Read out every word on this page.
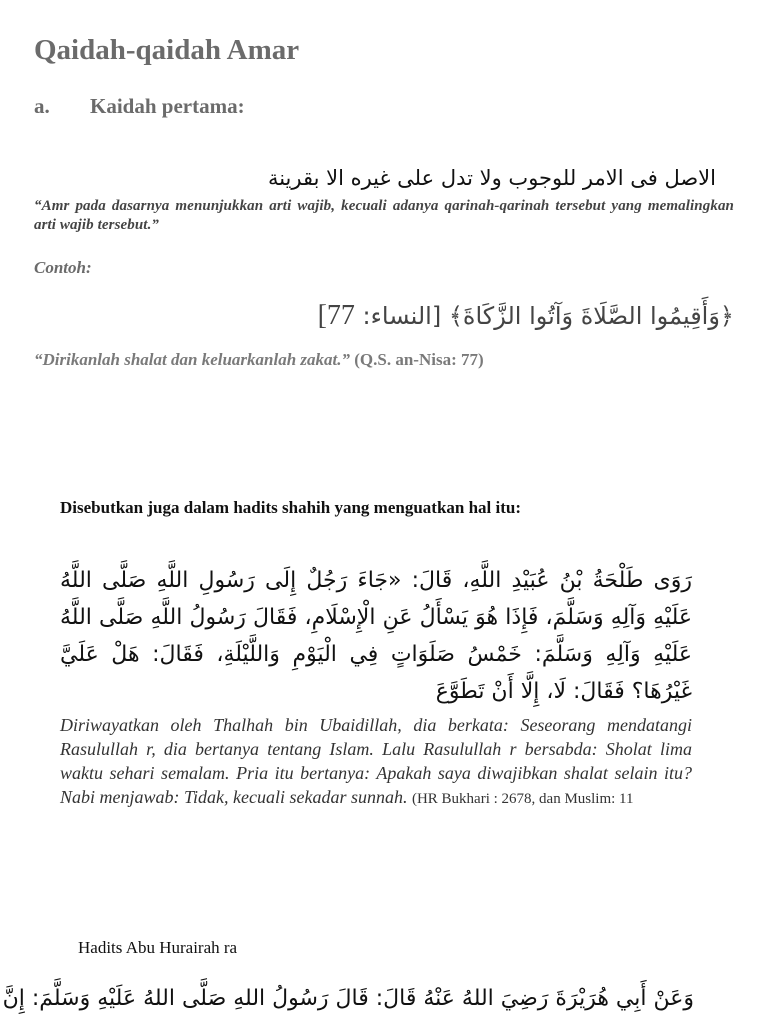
Qaidah-qaidah Amar
a. Kaidah pertama:
الاصل فى الامر للوجوب ولا تدل على غيره الا بقرينة
“Amr pada dasarnya menunjukkan arti wajib, kecuali adanya qarinah-qarinah tersebut yang memalingkan arti wajib tersebut.”
Contoh:
﴿وَأَقِيمُوا الصَّلَاةَ وَآتُوا الزَّكَاةَ﴾ [النساء: 77]
“Dirikanlah shalat dan keluarkanlah zakat.” (Q.S. an-Nisa: 77)
Disebutkan juga dalam hadits shahih yang menguatkan hal itu:
رَوَى طَلْحَةُ بْنُ عُبَيْدِ اللَّهِ، قَالَ: «جَاءَ رَجُلٌ إِلَى رَسُولِ اللَّهِ صَلَّى اللَّهُ عَلَيْهِ وَآلِهِ وَسَلَّمَ، فَإِذَا هُوَ يَسْأَلُ عَنِ الْإِسْلَامِ، فَقَالَ رَسُولُ اللَّهِ صَلَّى اللَّهُ عَلَيْهِ وَآلِهِ وَسَلَّمَ: خَمْسُ صَلَوَاتٍ فِي الْيَوْمِ وَاللَّيْلَةِ، فَقَالَ: هَلْ عَلَيَّ غَيْرُهَا؟ فَقَالَ: لَا، إِلَّا أَنْ تَطَوَّعَ
Diriwayatkan oleh Thalhah bin Ubaidillah, dia berkata: Seseorang mendatangi Rasulullah r, dia bertanya tentang Islam. Lalu Rasulullah r bersabda: Sholat lima waktu sehari semalam. Pria itu bertanya: Apakah saya diwajibkan shalat selain itu? Nabi menjawab: Tidak, kecuali sekadar sunnah. (HR Bukhari : 2678, dan Muslim: 11
Hadits Abu Hurairah ra
وَعَنْ أَبِي هُرَيْرَةَ رَضِيَ اللهُ عَنْهُ قَالَ: قَالَ رَسُولُ اللهِ صَلَّى اللهُ عَلَيْهِ وَسَلَّمَ: إِنَّ
